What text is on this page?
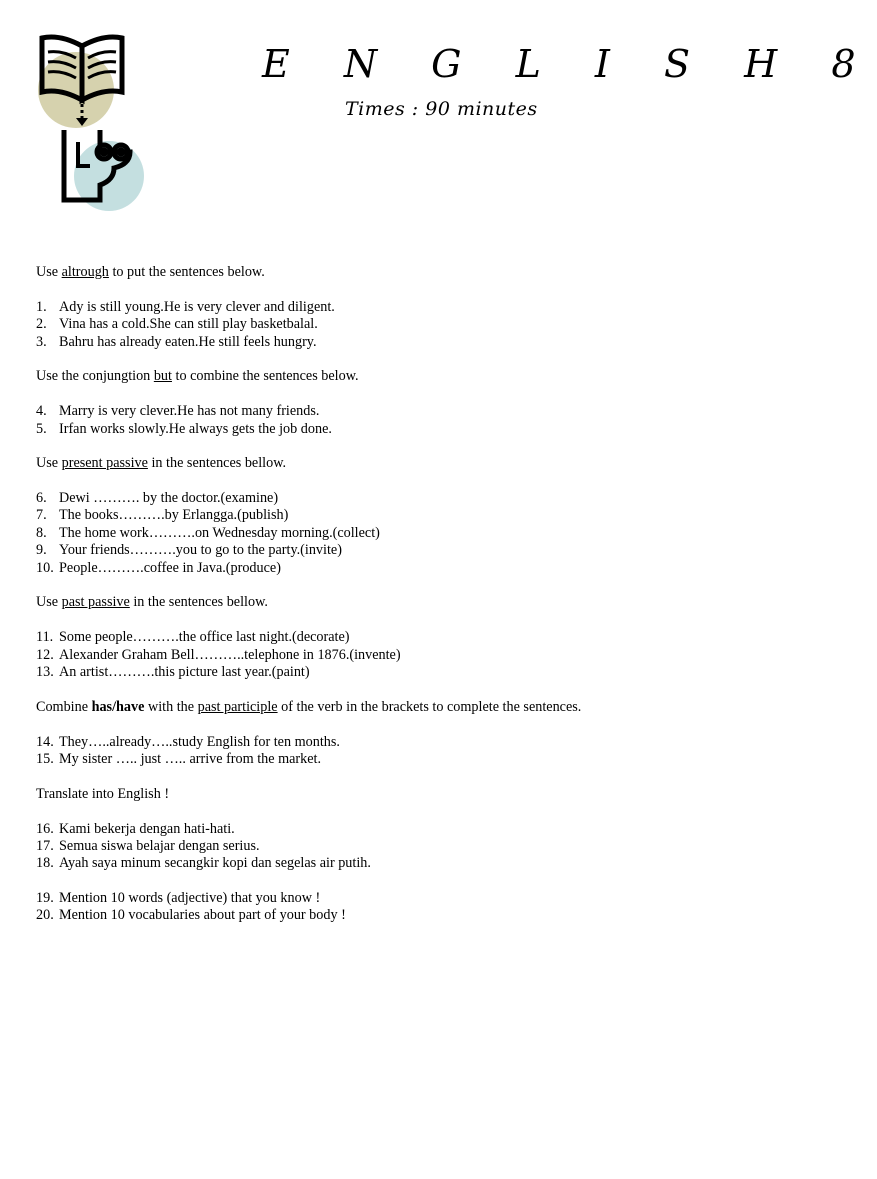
E N G L I S H 8
Times : 90 minutes
Use altrough to put the sentences below.
1. Ady is still young.He is very clever and diligent.
2. Vina has a cold.She can still play basketbalal.
3. Bahru has already eaten.He still feels hungry.
Use the conjungtion but to combine the sentences below.
4. Marry is very clever.He has not many friends.
5. Irfan works slowly.He always gets the job done.
Use present passive in the sentences bellow.
6. Dewi ………. by the doctor.(examine)
7. The books……….by Erlangga.(publish)
8. The home work……….on Wednesday morning.(collect)
9. Your friends……….you to go to the party.(invite)
10. People……….coffee in Java.(produce)
Use past passive in the sentences bellow.
11. Some people……….the office last night.(decorate)
12. Alexander Graham Bell………..telephone in 1876.(invente)
13. An artist……….this picture last year.(paint)
Combine has/have with the past participle of the verb in the brackets to complete the sentences.
14. They…..already…..study English for ten months.
15. My sister ….. just ….. arrive from the market.
Translate into English !
16. Kami bekerja dengan hati-hati.
17. Semua siswa belajar dengan serius.
18. Ayah saya minum secangkir kopi dan segelas air putih.
19. Mention 10 words (adjective) that you know !
20. Mention 10 vocabularies about part of your body !
